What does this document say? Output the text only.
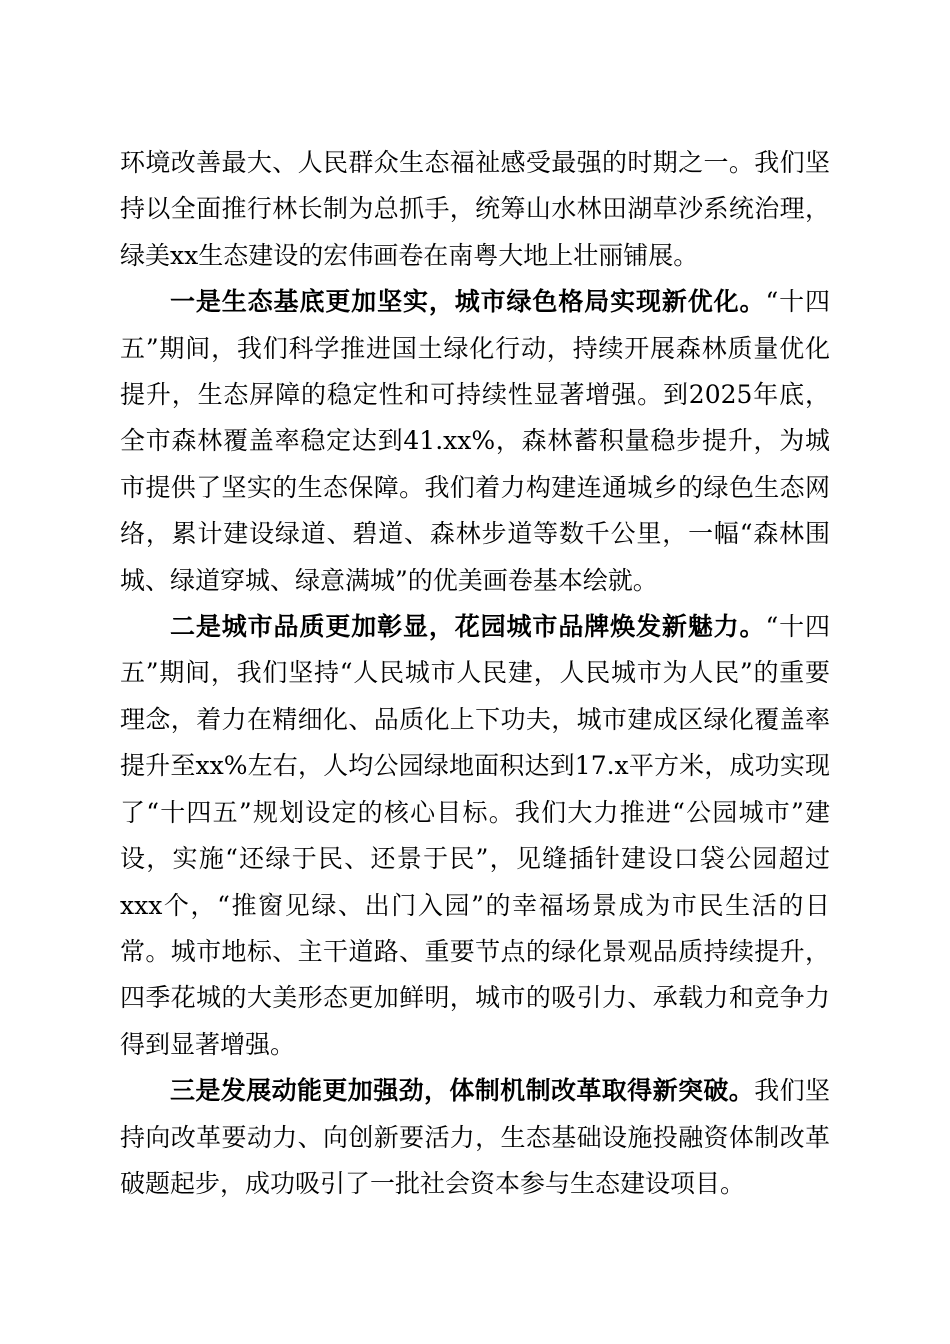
环境改善最大、人民群众生态福祉感受最强的时期之一。我们坚持以全面推行林长制为总抓手，统筹山水林田湖草沙系统治理，绿美xx生态建设的宏伟画卷在南粤大地上壮丽铺展。

一是生态基底更加坚实，城市绿色格局实现新优化。“十四五”期间，我们科学推进国土绿化行动，持续开展森林质量优化提升，生态屏障的稳定性和可持续性显著增强。到2025年底，全市森林覆盖率稳定达到41.xx%，森林蓄积量稳步提升，为城市提供了坚实的生态保障。我们着力构建连通城乡的绿色生态网络，累计建设绿道、碧道、森林步道等数千公里，一幅“森林围城、绿道穿城、绿意满城”的优美画卷基本绘就。

二是城市品质更加彰显，花园城市品牌焕发新魅力。“十四五”期间，我们坚持“人民城市人民建，人民城市为人民”的重要理念，着力在精细化、品质化上下功夫，城市建成区绿化覆盖率提升至xx%左右，人均公园绿地面积达到17.x平方米，成功实现了“十四五”规划设定的核心目标。我们大力推进“公园城市”建设，实施“还绿于民、还景于民”，见缝插针建设口袋公园超过xxx个，“推窗见绿、出门入园”的幸福场景成为市民生活的日常。城市地标、主干道路、重要节点的绿化景观品质持续提升，四季花城的大美形态更加鲜明，城市的吸引力、承载力和竞争力得到显著增强。

三是发展动能更加强劲，体制机制改革取得新突破。我们坚持向改革要动力、向创新要活力，生态基础设施投融资体制改革破题起步，成功吸引了一批社会资本参与生态建设项目。
